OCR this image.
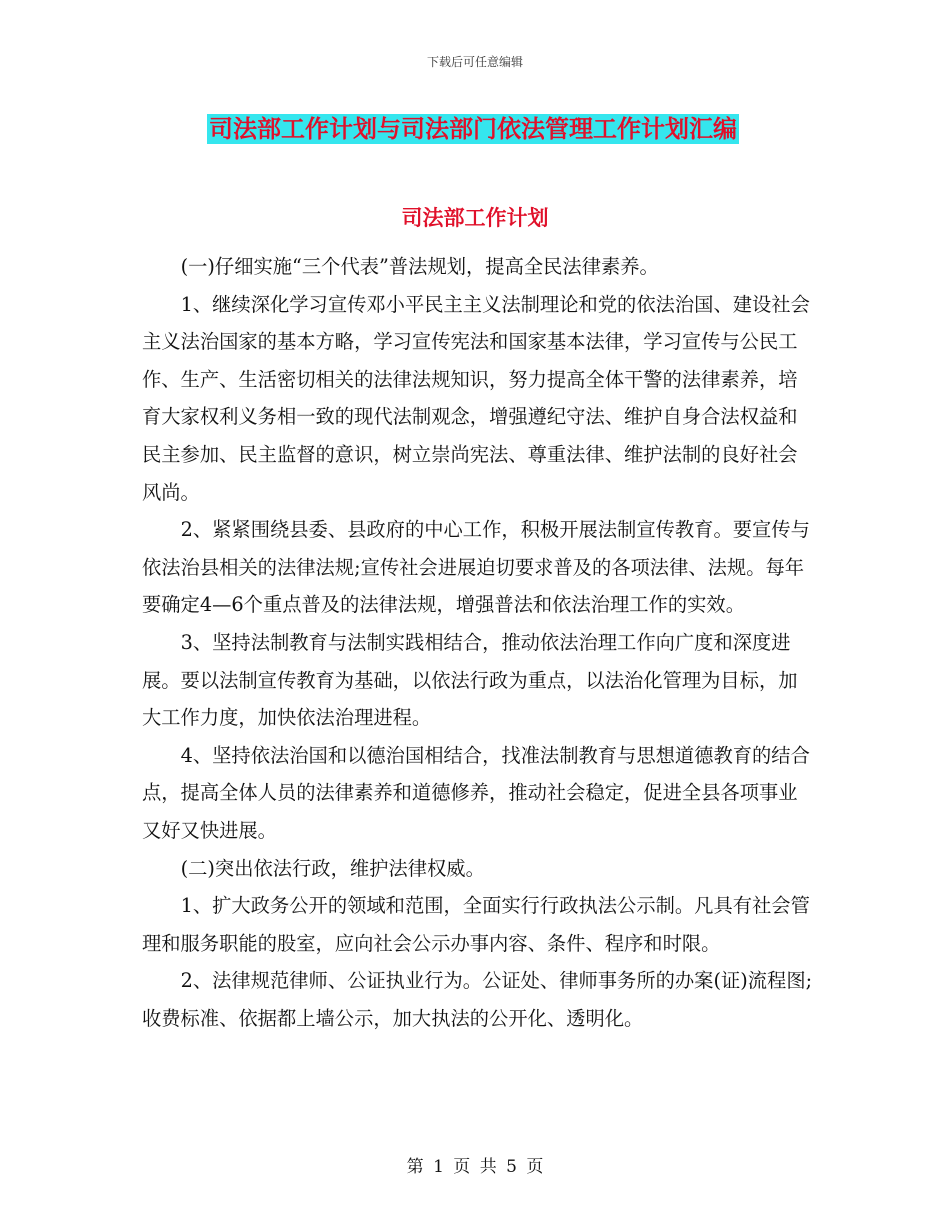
下载后可任意编辑
司法部工作计划与司法部门依法管理工作计划汇编
司法部工作计划

(一)仔细实施“三个代表”普法规划，提高全民法律素养。

1、继续深化学习宣传邓小平民主主义法制理论和党的依法治国、建设社会主义法治国家的基本方略，学习宣传宪法和国家基本法律，学习宣传与公民工作、生产、生活密切相关的法律法规知识，努力提高全体干警的法律素养，培育大家权利义务相一致的现代法制观念，增强遵纪守法、维护自身合法权益和民主参加、民主监督的意识，树立崇尚宪法、尊重法律、维护法制的良好社会风尚。

2、紧紧围绕县委、县政府的中心工作，积极开展法制宣传教育。要宣传与依法治县相关的法律法规;宣传社会进展迫切要求普及的各项法律、法规。每年要确定4—6个重点普及的法律法规，增强普法和依法治理工作的实效。

3、坚持法制教育与法制实践相结合，推动依法治理工作向广度和深度进展。要以法制宣传教育为基础，以依法行政为重点，以法治化管理为目标，加大工作力度，加快依法治理进程。

4、坚持依法治国和以德治国相结合，找准法制教育与思想道德教育的结合点，提高全体人员的法律素养和道德修养，推动社会稳定，促进全县各项事业又好又快进展。

(二)突出依法行政，维护法律权威。

1、扩大政务公开的领域和范围，全面实行行政执法公示制。凡具有社会管理和服务职能的股室，应向社会公示办事内容、条件、程序和时限。

2、法律规范律师、公证执业行为。公证处、律师事务所的办案(证)流程图;收费标准、依据都上墙公示，加大执法的公开化、透明化。

第 1 页 共 5 页
